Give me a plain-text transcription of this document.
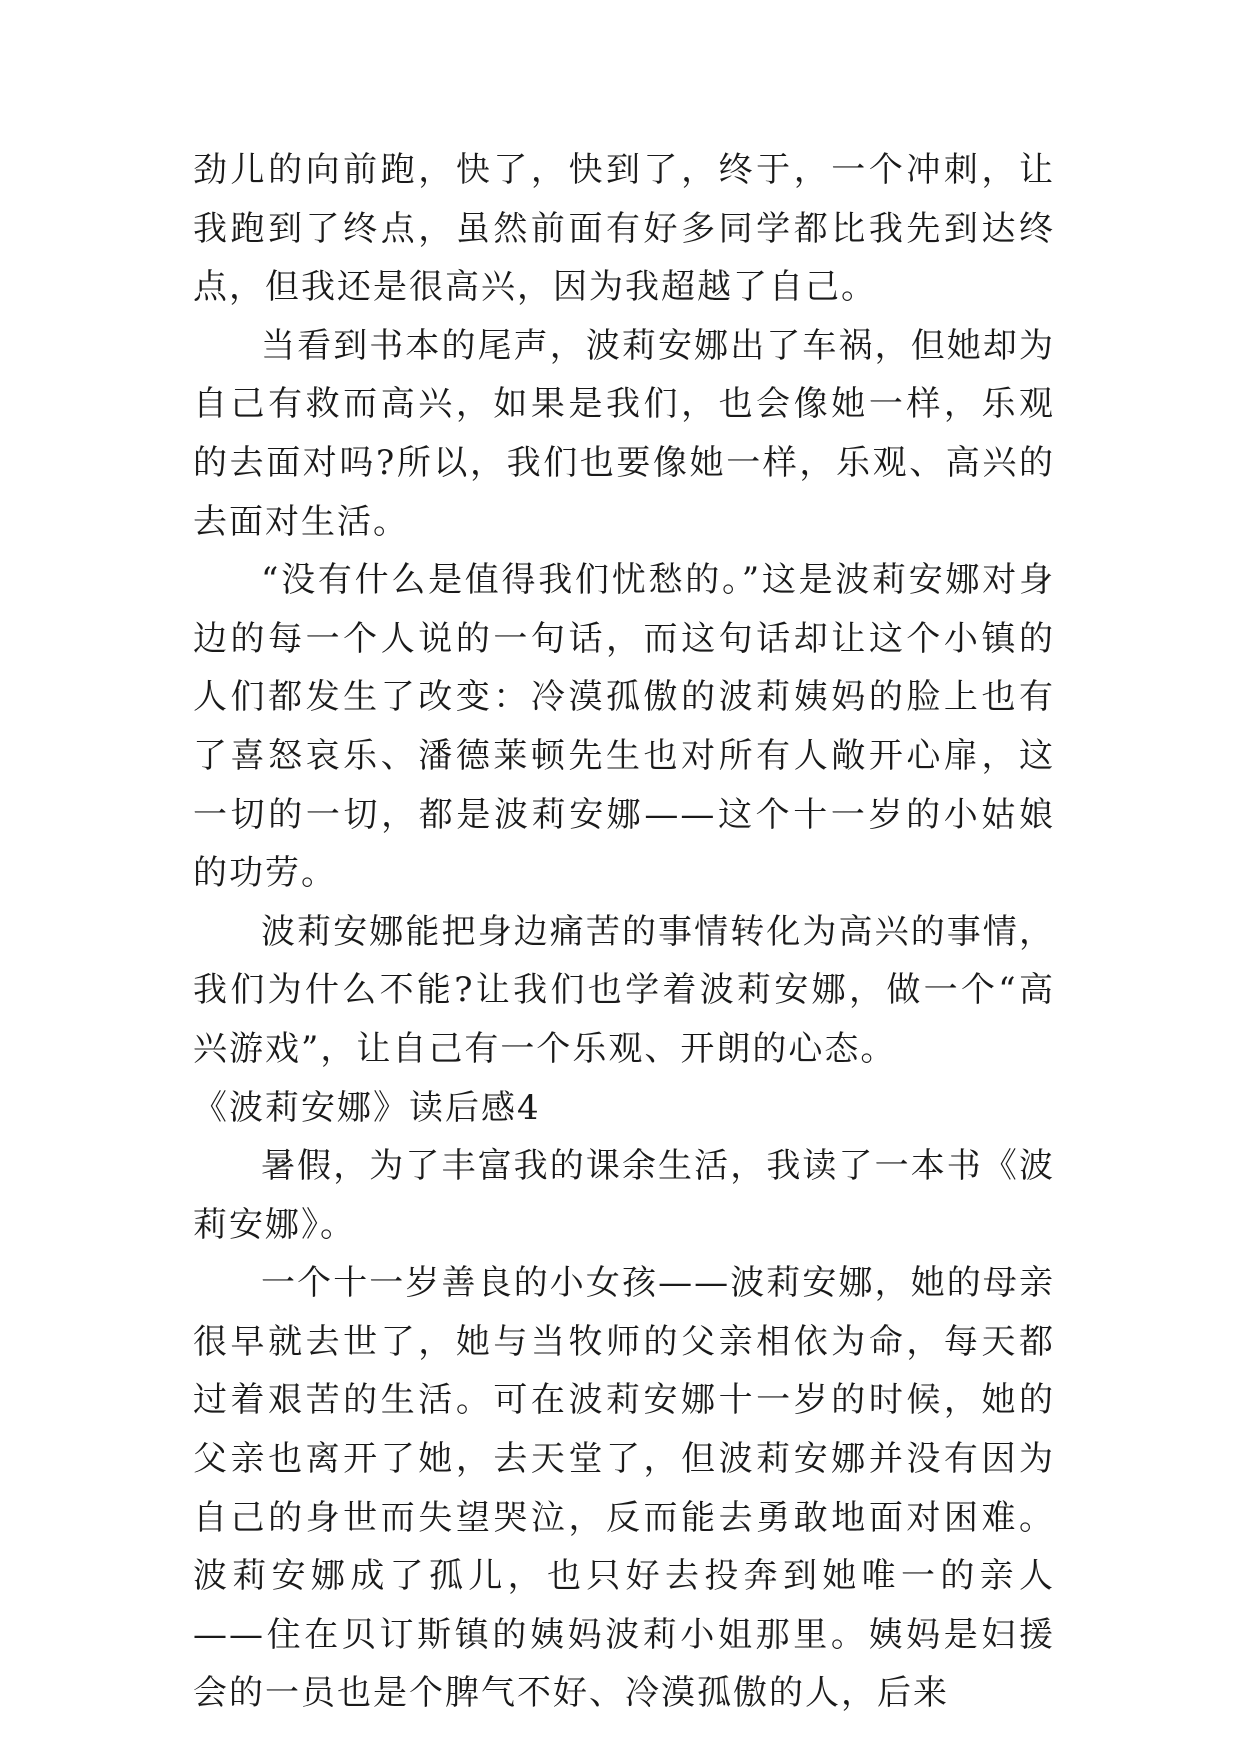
劲儿的向前跑，快了，快到了，终于，一个冲刺，让我跑到了终点，虽然前面有好多同学都比我先到达终点，但我还是很高兴，因为我超越了自己。

当看到书本的尾声，波莉安娜出了车祸，但她却为自己有救而高兴，如果是我们，也会像她一样，乐观的去面对吗?所以，我们也要像她一样，乐观、高兴的去面对生活。

“没有什么是值得我们忧愁的。”这是波莉安娜对身边的每一个人说的一句话，而这句话却让这个小镇的人们都发生了改变：冷漠孤傲的波莉姨妈的脸上也有了喜怒哀乐、潘德莱顿先生也对所有人敞开心扉，这一切的一切，都是波莉安娜——这个十一岁的小姑娘的功劳。

波莉安娜能把身边痛苦的事情转化为高兴的事情，我们为什么不能?让我们也学着波莉安娜，做一个“高兴游戏”，让自己有一个乐观、开朗的心态。

《波莉安娜》读后感4

暑假，为了丰富我的课余生活，我读了一本书《波莉安娜》。

一个十一岁善良的小女孩——波莉安娜，她的母亲很早就去世了，她与当牧师的父亲相依为命，每天都过着艰苦的生活。可在波莉安娜十一岁的时候，她的父亲也离开了她，去天堂了，但波莉安娜并没有因为自己的身世而失望哭泣，反而能去勇敢地面对困难。波莉安娜成了孤儿，也只好去投奔到她唯一的亲人——住在贝订斯镇的姨妈波莉小姐那里。姨妈是妇援会的一员也是个脾气不好、冷漠孤傲的人，后来
